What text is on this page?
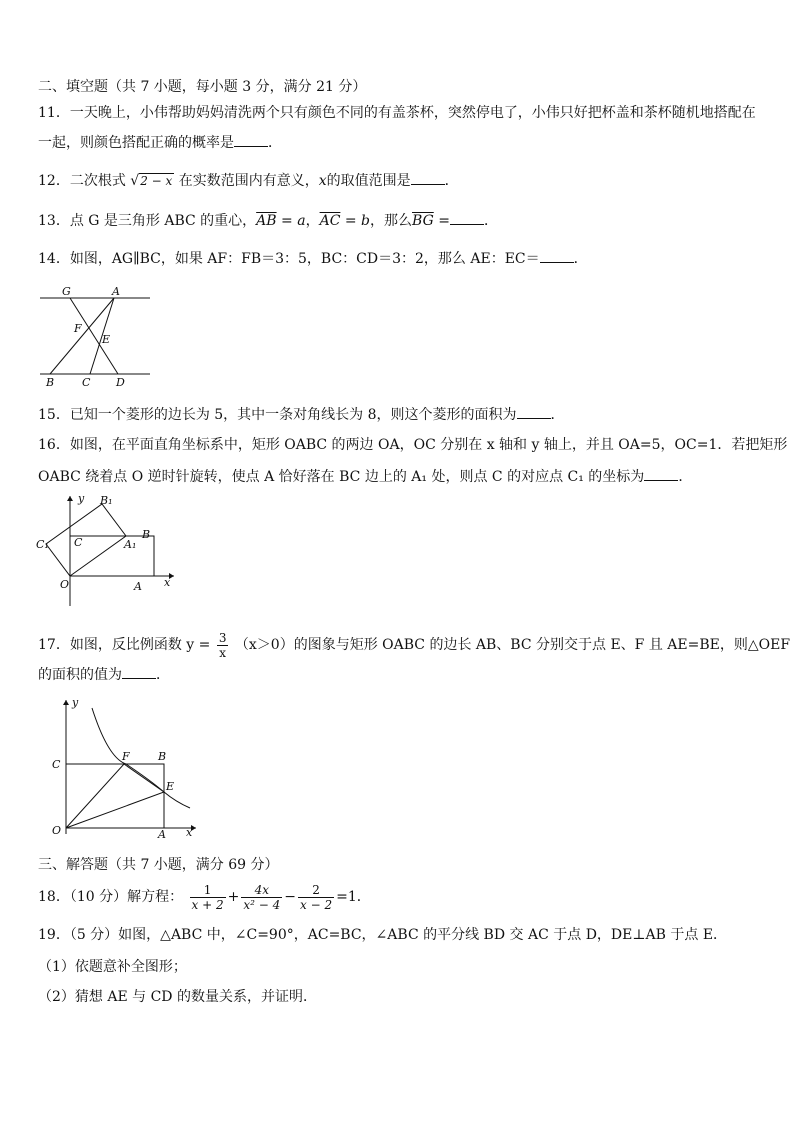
二、填空题（共 7 小题，每小题 3 分，满分 21 分）
11．一天晚上，小伟帮助妈妈清洗两个只有颜色不同的有盖茶杯，突然停电了，小伟只好把杯盖和茶杯随机地搭配在
一起，则颜色搭配正确的概率是 ．
12．二次根式 √2 − x 在实数范围内有意义，x的取值范围是 ．
13．点 G 是三角形 ABC 的重心，$\overline{AB} = a$，$\overline{AC} = b$，那么$\overline{BG}$ = ．
14．如图，AG∥BC，如果 AF：FB＝3：5，BC：CD＝3：2，那么 AE：EC＝ ．
G	A
F
E
B	C D
15．已知一个菱形的边长为 5，其中一条对角线长为 8，则这个菱形的面积为 ．
16．如图，在平面直角坐标系中，矩形 OABC 的两边 OA，OC 分别在 x 轴和 y 轴上，并且 OA=5，OC=1．若把矩形
OABC 绕着点 O 逆时针旋转，使点 A 恰好落在 BC 边上的 A₁ 处，则点 C 的对应点 C₁ 的坐标为 ．
y B₁
B
C₁ C	A₁
O	A x
17．如图，反比例函数 $y = \frac{3}{x} (x>0)$的图象与矩形 OABC 的边长 AB、BC 分别交于点 E、F 且 AE=BE，则△OEF
的面积的值为 ．
y
C
F	B
E
O	A x
三、解答题（共 7 小题，满分 69 分）
18．（10 分）解方程： $\frac{1}{x + 2} + \frac{4x}{\text{x² − 4}} - \frac{2}{x - 2} =1$．
19．（5 分）如图，△ABC 中，∠C=90°，AC=BC，∠ABC 的平分线 BD 交 AC 于点 D，DE⊥AB 于点 E．
（1）依题意补全图形；
（2）猜想 AE 与 CD 的数量关系，并证明．
